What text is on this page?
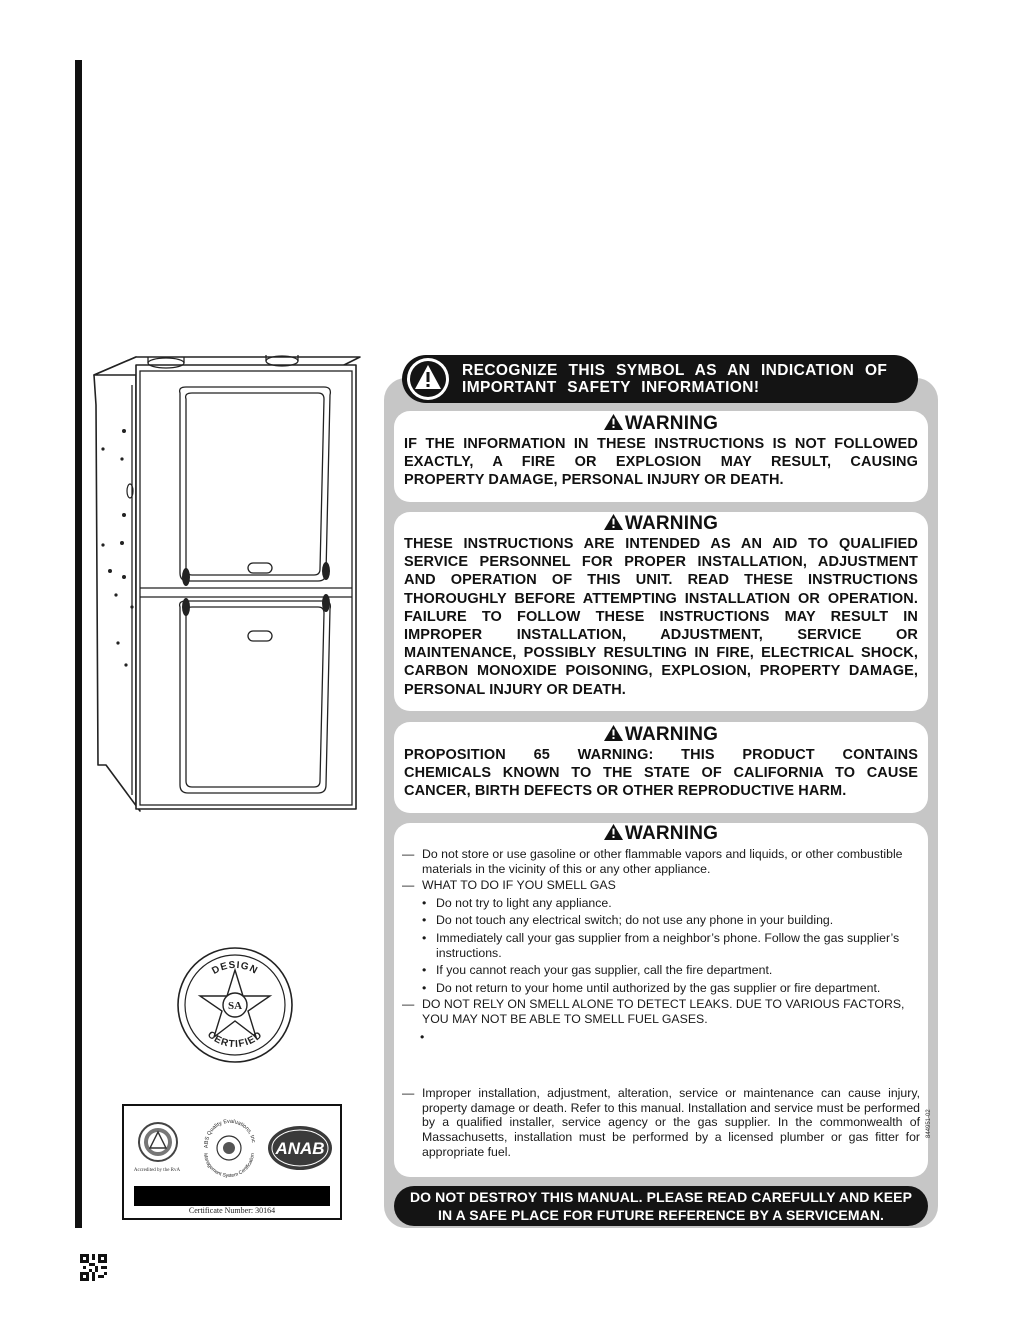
DESIGN
CERTIFIED
SA
Accredited by the RvA
ABS Quality Evaluations, Inc
Management System Certification ANAB
Certificate Number: 30164
RECOGNIZE THIS SYMBOL AS AN INDICATION OF IMPORTANT SAFETY INFORMATION!
WARNING
IF THE INFORMATION IN THESE INSTRUCTIONS IS NOT FOLLOWED
EXACTLY, A FIRE OR EXPLOSION MAY RESULT, CAUSING
PROPERTY DAMAGE, PERSONAL INJURY OR DEATH.
WARNING
THESE INSTRUCTIONS ARE INTENDED AS AN AID TO QUALIFIED
SERVICE PERSONNEL FOR PROPER INSTALLATION, ADJUSTMENT
AND OPERATION OF THIS UNIT. READ THESE INSTRUCTIONS
THOROUGHLY BEFORE ATTEMPTING INSTALLATION OR OPERATION.
FAILURE TO FOLLOW THESE INSTRUCTIONS MAY RESULT IN
IMPROPER INSTALLATION, ADJUSTMENT, SERVICE OR
MAINTENANCE, POSSIBLY RESULTING IN FIRE, ELECTRICAL SHOCK,
CARBON MONOXIDE POISONING, EXPLOSION, PROPERTY DAMAGE,
PERSONAL INJURY OR DEATH.
WARNING
PROPOSITION 65 WARNING: THIS PRODUCT CONTAINS
CHEMICALS KNOWN TO THE STATE OF CALIFORNIA TO CAUSE
CANCER, BIRTH DEFECTS OR OTHER REPRODUCTIVE HARM.
WARNING
— Do not store or use gasoline or other flammable vapors and liquids, or other combustible materials in the vicinity of this or any other appliance.
— WHAT TO DO IF YOU SMELL GAS
• Do not try to light any appliance.
• Do not touch any electrical switch; do not use any phone in your building.
• Immediately call your gas supplier from a neighbor’s phone. Follow the gas supplier’s instructions.
• If you cannot reach your gas supplier, call the fire department.
• Do not return to your home until authorized by the gas supplier or fire department.
— DO NOT RELY ON SMELL ALONE TO DETECT LEAKS. DUE TO VARIOUS FACTORS, YOU MAY NOT BE ABLE TO SMELL FUEL GASES.
•

— Improper installation, adjustment, alteration, service or maintenance can cause injury, property damage or death. Refer to this manual. Installation and service must be performed by a qualified installer, service agency or the gas supplier. In the commonwealth of Massachusetts, installation must be performed by a licensed plumber or gas fitter for appropriate fuel.
844951-02
DO NOT DESTROY THIS MANUAL. PLEASE READ CAREFULLY AND KEEP
IN A SAFE PLACE FOR FUTURE REFERENCE BY A SERVICEMAN.
